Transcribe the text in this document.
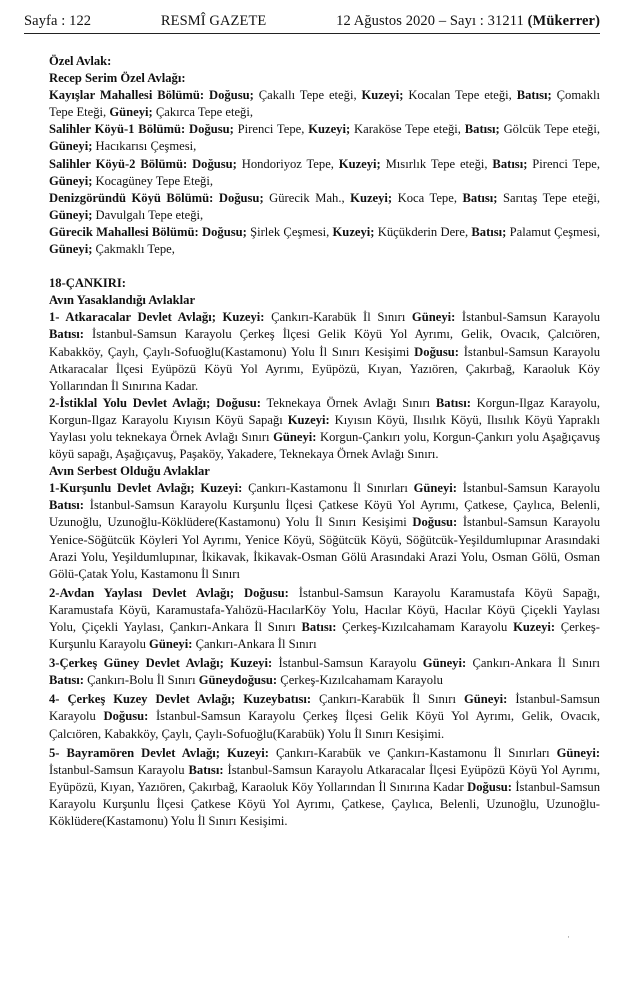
Sayfa : 122	RESMÎ GAZETE	12 Ağustos 2020 – Sayı : 31211 (Mükerrer)

Özel Avlak:

Recep Serim Özel Avlağı:

Kayışlar Mahallesi Bölümü: Doğusu; Çakallı Tepe eteği, Kuzeyi; Kocalan Tepe eteği, Batısı; Çomaklı Tepe Eteği, Güneyi; Çakırca Tepe eteği,

Salihler Köyü-1 Bölümü: Doğusu; Pirenci Tepe, Kuzeyi; Karaköse Tepe eteği, Batısı; Gölcük Tepe eteği, Güneyi; Hacıkarısı Çeşmesi,

Salihler Köyü-2 Bölümü: Doğusu; Hondoriyoz Tepe, Kuzeyi; Mısırlık Tepe eteği, Batısı; Pirenci Tepe, Güneyi; Kocagüney Tepe Eteği,

Denizgöründü Köyü Bölümü: Doğusu; Gürecik Mah., Kuzeyi; Koca Tepe, Batısı; Sarıtaş Tepe eteği, Güneyi; Davulgalı Tepe eteği,

Gürecik Mahallesi Bölümü: Doğusu; Şirlek Çeşmesi, Kuzeyi; Küçükderin Dere, Batısı; Palamut Çeşmesi, Güneyi; Çakmaklı Tepe,

18-ÇANKIRI:

Avın Yasaklandığı Avlaklar

1- Atkaracalar Devlet Avlağı; Kuzeyi: Çankırı-Karabük İl Sınırı Güneyi: İstanbul-Samsun Karayolu Batısı: İstanbul-Samsun Karayolu Çerkeş İlçesi Gelik Köyü Yol Ayrımı, Gelik, Ovacık, Çalcıören, Kabakköy, Çaylı, Çaylı-Sofuoğlu(Kastamonu) Yolu İl Sınırı Kesişimi Doğusu: İstanbul-Samsun Karayolu Atkaracalar İlçesi Eyüpözü Köyü Yol Ayrımı, Eyüpözü, Kıyan, Yazıören, Çakırbağ, Karaoluk Köy Yollarından İl Sınırına Kadar.

2-İstiklal Yolu Devlet Avlağı; Doğusu: Teknekaya Örnek Avlağı Sınırı Batısı: Korgun-Ilgaz Karayolu, Korgun-Ilgaz Karayolu Kıyısın Köyü Sapağı Kuzeyi: Kıyısın Köyü, Ilısılık Köyü, Ilısılık Köyü Yapraklı Yaylası yolu teknekaya Örnek Avlağı Sınırı Güneyi: Korgun-Çankırı yolu, Korgun-Çankırı yolu Aşağıçavuş köyü sapağı, Aşağıçavuş, Paşaköy, Yakadere, Teknekaya Örnek Avlağı Sınırı.

Avın Serbest Olduğu Avlaklar

1-Kurşunlu Devlet Avlağı; Kuzeyi: Çankırı-Kastamonu İl Sınırları Güneyi: İstanbul-Samsun Karayolu Batısı: İstanbul-Samsun Karayolu Kurşunlu İlçesi Çatkese Köyü Yol Ayrımı, Çatkese, Çaylıca, Belenli, Uzunoğlu, Uzunoğlu-Köklüdere(Kastamonu) Yolu İl Sınırı Kesişimi Doğusu: İstanbul-Samsun Karayolu Yenice-Söğütcük Köyleri Yol Ayrımı, Yenice Köyü, Söğütcük Köyü, Söğütcük-Yeşildumlupınar Arasındaki Arazi Yolu, Yeşildumlupınar, İkikavak, İkikavak-Osman Gölü Arasındaki Arazi Yolu, Osman Gölü, Osman Gölü-Çatak Yolu, Kastamonu İl Sınırı

2-Avdan Yaylası Devlet Avlağı; Doğusu: İstanbul-Samsun Karayolu Karamustafa Köyü Sapağı, Karamustafa Köyü, Karamustafa-Yalıözü-HacılarKöy Yolu, Hacılar Köyü, Hacılar Köyü Çiçekli Yaylası Yolu, Çiçekli Yaylası, Çankırı-Ankara İl Sınırı Batısı: Çerkeş-Kızılcahamam Karayolu Kuzeyi: Çerkeş-Kurşunlu Karayolu Güneyi: Çankırı-Ankara İl Sınırı

3-Çerkeş Güney Devlet Avlağı; Kuzeyi: İstanbul-Samsun Karayolu Güneyi: Çankırı-Ankara İl Sınırı Batısı: Çankırı-Bolu İl Sınırı Güneydoğusu: Çerkeş-Kızılcahamam Karayolu

4- Çerkeş Kuzey Devlet Avlağı; Kuzeybatısı: Çankırı-Karabük İl Sınırı Güneyi: İstanbul-Samsun Karayolu Doğusu: İstanbul-Samsun Karayolu Çerkeş İlçesi Gelik Köyü Yol Ayrımı, Gelik, Ovacık, Çalcıören, Kabakköy, Çaylı, Çaylı-Sofuoğlu(Karabük) Yolu İl Sınırı Kesişimi.

5- Bayramören Devlet Avlağı; Kuzeyi: Çankırı-Karabük ve Çankırı-Kastamonu İl Sınırları Güneyi: İstanbul-Samsun Karayolu Batısı: İstanbul-Samsun Karayolu Atkaracalar İlçesi Eyüpözü Köyü Yol Ayrımı, Eyüpözü, Kıyan, Yazıören, Çakırbağ, Karaoluk Köy Yollarından İl Sınırına Kadar Doğusu: İstanbul-Samsun Karayolu Kurşunlu İlçesi Çatkese Köyü Yol Ayrımı, Çatkese, Çaylıca, Belenli, Uzunoğlu, Uzunoğlu-Köklüdere(Kastamonu) Yolu İl Sınırı Kesişimi.

·
